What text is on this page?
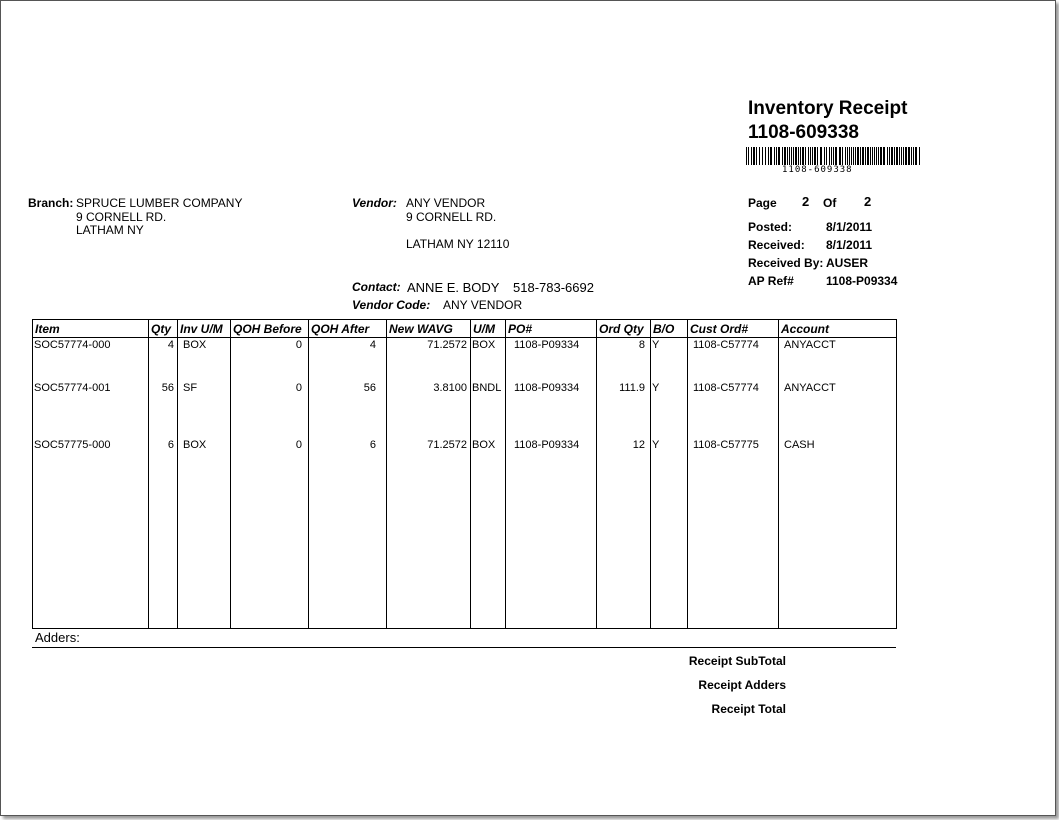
Inventory Receipt
1108-609338
1108-609338
Page 2 Of 2
Posted:	8/1/2011
Received: 8/1/2011
Received By: AUSER
AP Ref#	1108-P09334
Branch: SPRUCE LUMBER COMPANY
9 CORNELL RD.
LATHAM NY
Vendor: ANY VENDOR
9 CORNELL RD.
LATHAM NY 12110
Contact: ANNE E. BODY 518-783-6692
Vendor Code: ANY VENDOR
Item	Qty	Inv U/M	QOH Before	QOH After	New WAVG	U/M	PO#	Ord Qty	B/O	Cust Ord#	Account
SOC57774-000	4	BOX	0	4	71.2572	BOX	1108-P09334	8	Y	1108-C57774	ANYACCT
SOC57774-001	56	SF	0	56	3.8100	BNDL	1108-P09334	111.9	Y	1108-C57774	ANYACCT
SOC57775-000	6	BOX	0	6	71.2572	BOX	1108-P09334	12	Y	1108-C57775	CASH

Adders:
Receipt SubTotal
Receipt Adders
Receipt Total
